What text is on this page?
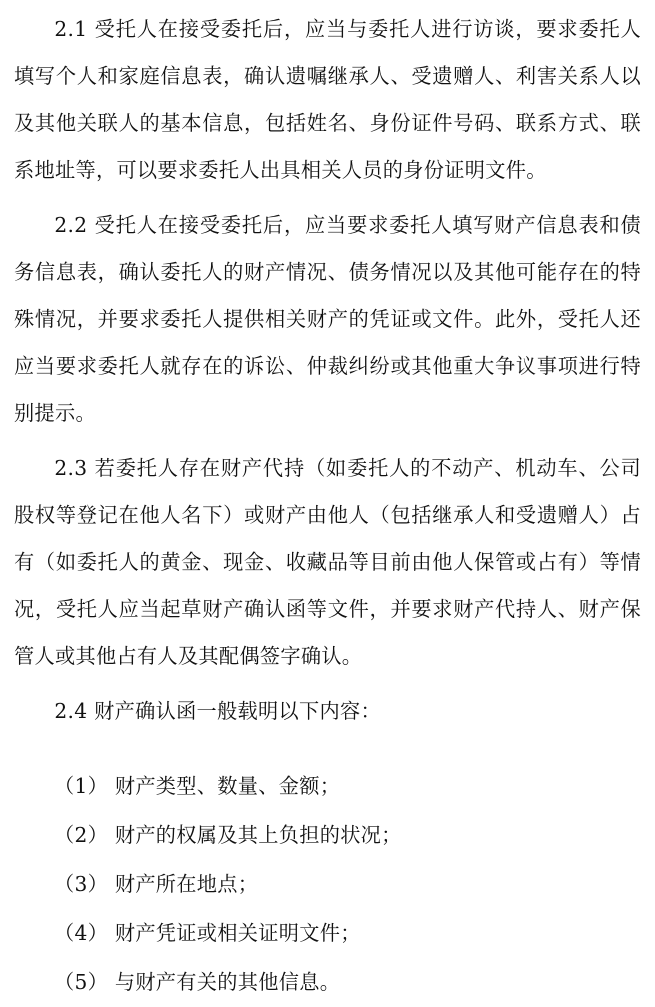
2.1 受托人在接受委托后，应当与委托人进行访谈，要求委托人填写个人和家庭信息表，确认遗嘱继承人、受遗赠人、利害关系人以及其他关联人的基本信息，包括姓名、身份证件号码、联系方式、联系地址等，可以要求委托人出具相关人员的身份证明文件。

2.2 受托人在接受委托后，应当要求委托人填写财产信息表和债务信息表，确认委托人的财产情况、债务情况以及其他可能存在的特殊情况，并要求委托人提供相关财产的凭证或文件。此外，受托人还应当要求委托人就存在的诉讼、仲裁纠纷或其他重大争议事项进行特别提示。

2.3 若委托人存在财产代持（如委托人的不动产、机动车、公司股权等登记在他人名下）或财产由他人（包括继承人和受遗赠人）占有（如委托人的黄金、现金、收藏品等目前由他人保管或占有）等情况，受托人应当起草财产确认函等文件，并要求财产代持人、财产保管人或其他占有人及其配偶签字确认。

2.4 财产确认函一般载明以下内容：

（1） 财产类型、数量、金额；
（2） 财产的权属及其上负担的状况；
（3） 财产所在地点；
（4） 财产凭证或相关证明文件；
（5） 与财产有关的其他信息。
